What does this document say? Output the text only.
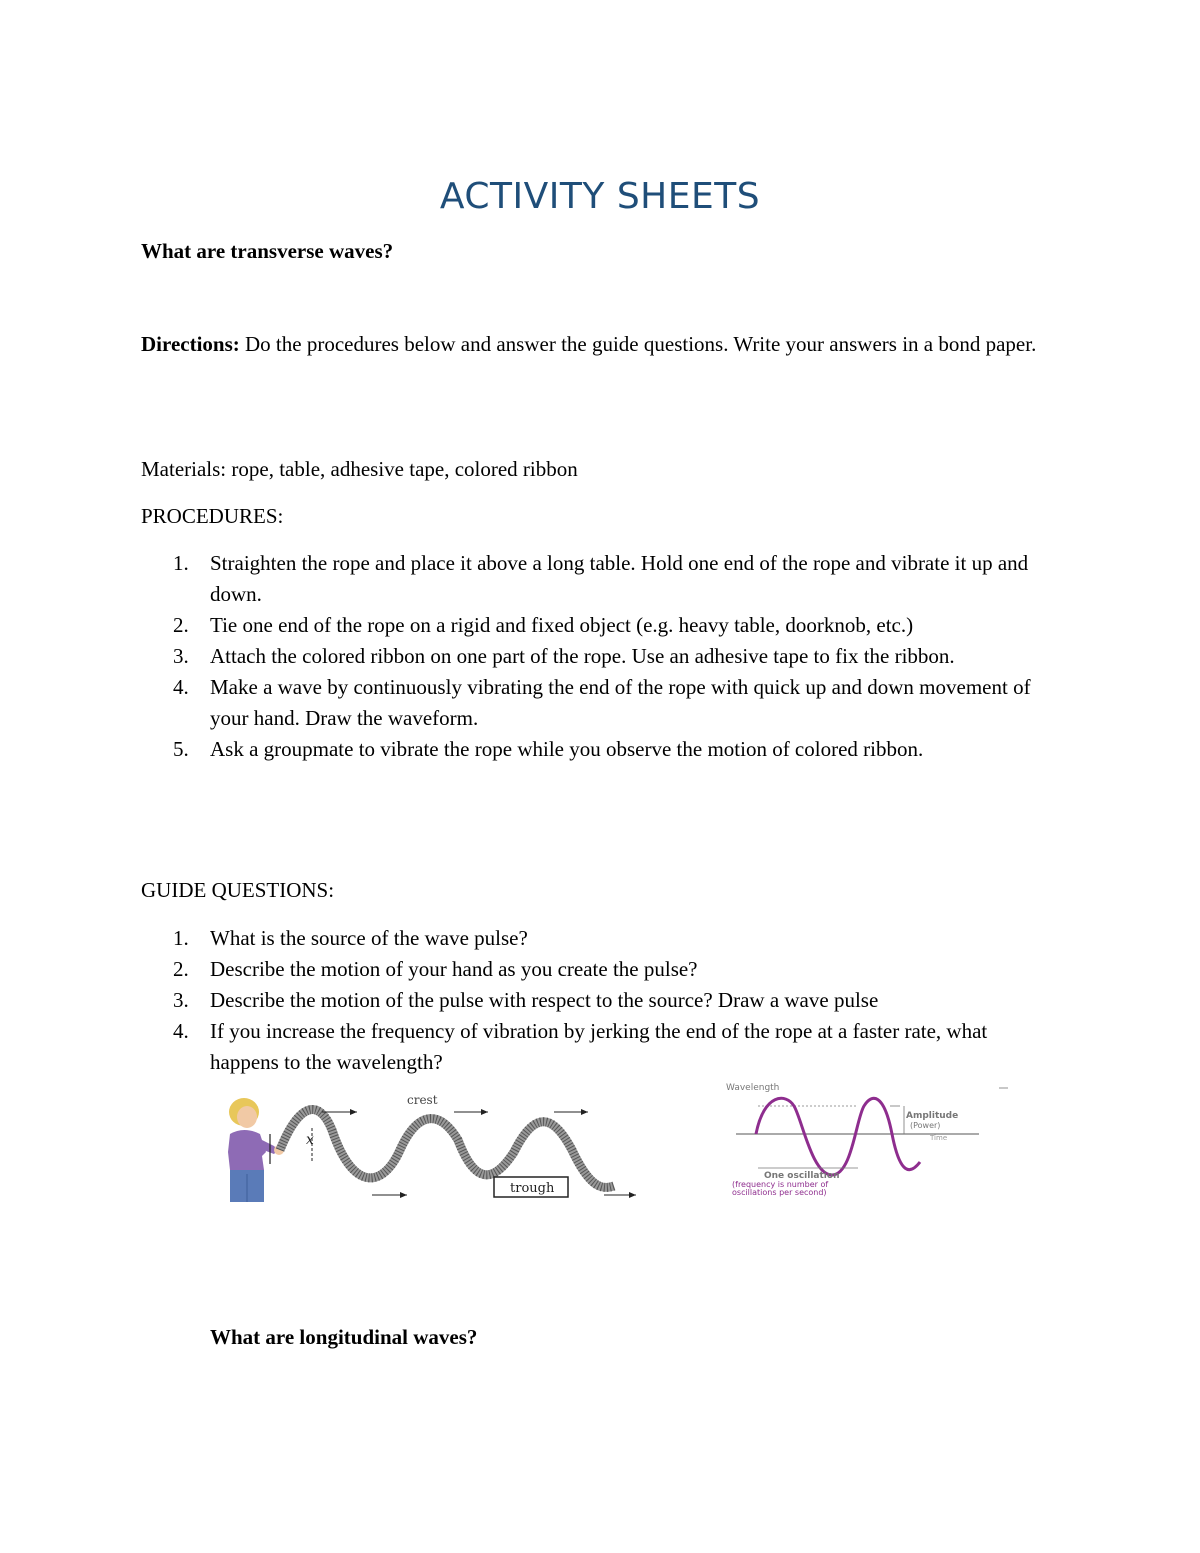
ACTIVITY SHEETS
What are transverse waves?
Directions: Do the procedures below and answer the guide questions. Write your answers in a bond paper.
Materials: rope, table, adhesive tape, colored ribbon
PROCEDURES:
1. Straighten the rope and place it above a long table. Hold one end of the rope and vibrate it up and down.
2. Tie one end of the rope on a rigid and fixed object (e.g. heavy table, doorknob, etc.)
3. Attach the colored ribbon on one part of the rope. Use an adhesive tape to fix the ribbon.
4. Make a wave by continuously vibrating the end of the rope with quick up and down movement of your hand. Draw the waveform.
5. Ask a groupmate to vibrate the rope while you observe the motion of colored ribbon.
GUIDE QUESTIONS:
1. What is the source of the wave pulse?
2. Describe the motion of your hand as you create the pulse?
3. Describe the motion of the pulse with respect to the source? Draw a wave pulse
4. If you increase the frequency of vibration by jerking the end of the rope at a faster rate, what happens to the wavelength?
x
crest
trough
Wavelength
Amplitude
(Power)
Time
One oscillation
(frequency is number of
oscillations per second)
What are longitudinal waves?
